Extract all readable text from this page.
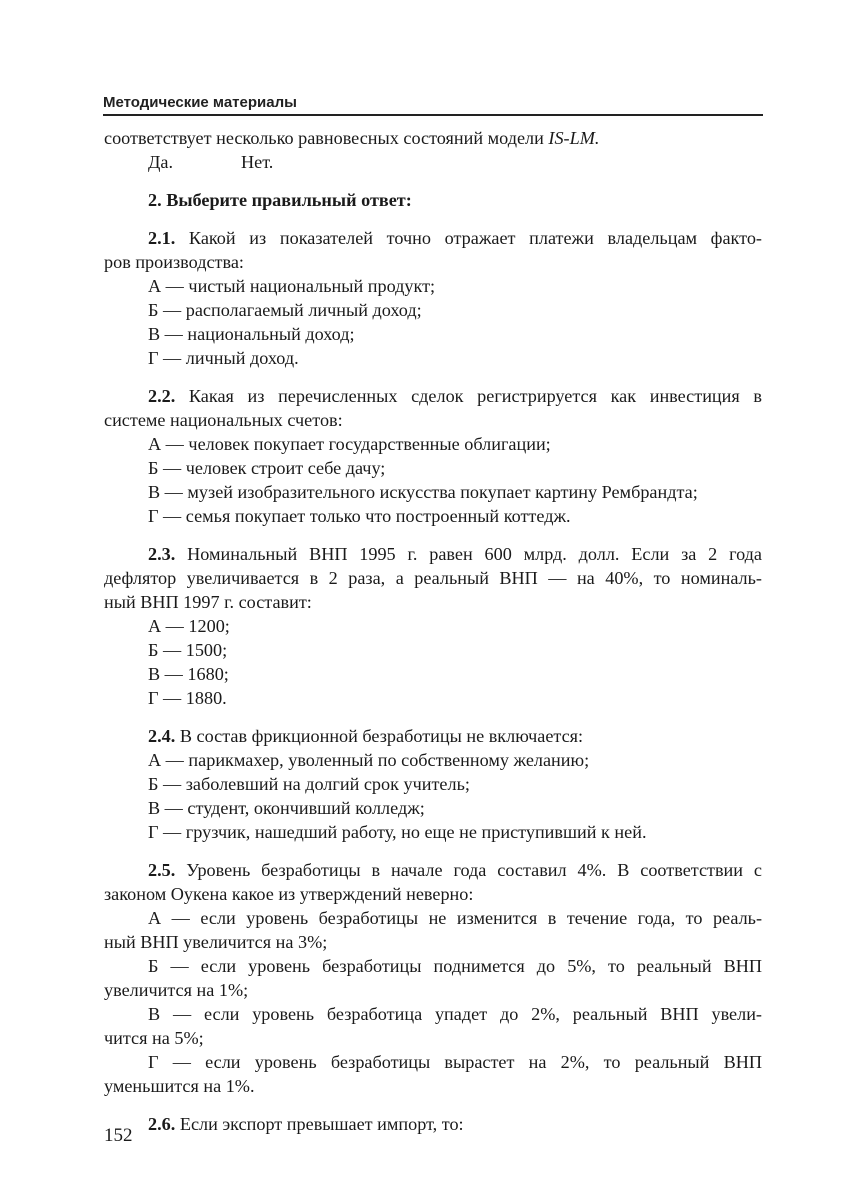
Методические материалы
соответствует несколько равновесных состояний модели IS-LM.
Да.	Нет.
2. Выберите правильный ответ:
2.1. Какой из показателей точно отражает платежи владельцам факто-
ров производства:
А — чистый национальный продукт;
Б — располагаемый личный доход;
В — национальный доход;
Г — личный доход.
2.2. Какая из перечисленных сделок регистрируется как инвестиция в
системе национальных счетов:
А — человек покупает государственные облигации;
Б — человек строит себе дачу;
В — музей изобразительного искусства покупает картину Рембрандта;
Г — семья покупает только что построенный коттедж.
2.3. Номинальный ВНП 1995 г. равен 600 млрд. долл. Если за 2 года
дефлятор увеличивается в 2 раза, а реальный ВНП — на 40%, то номиналь-
ный ВНП 1997 г. составит:
А — 1200;
Б — 1500;
В — 1680;
Г — 1880.
2.4. В состав фрикционной безработицы не включается:
А — парикмахер, уволенный по собственному желанию;
Б — заболевший на долгий срок учитель;
В — студент, окончивший колледж;
Г — грузчик, нашедший работу, но еще не приступивший к ней.
2.5. Уровень безработицы в начале года составил 4%. В соответствии с
законом Оукена какое из утверждений неверно:
А — если уровень безработицы не изменится в течение года, то реаль-
ный ВНП увеличится на 3%;
Б — если уровень безработицы поднимется до 5%, то реальный ВНП
увеличится на 1%;
В — если уровень безработица упадет до 2%, реальный ВНП увели-
чится на 5%;
Г — если уровень безработицы вырастет на 2%, то реальный ВНП
уменьшится на 1%.
2.6. Если экспорт превышает импорт, то:
152
